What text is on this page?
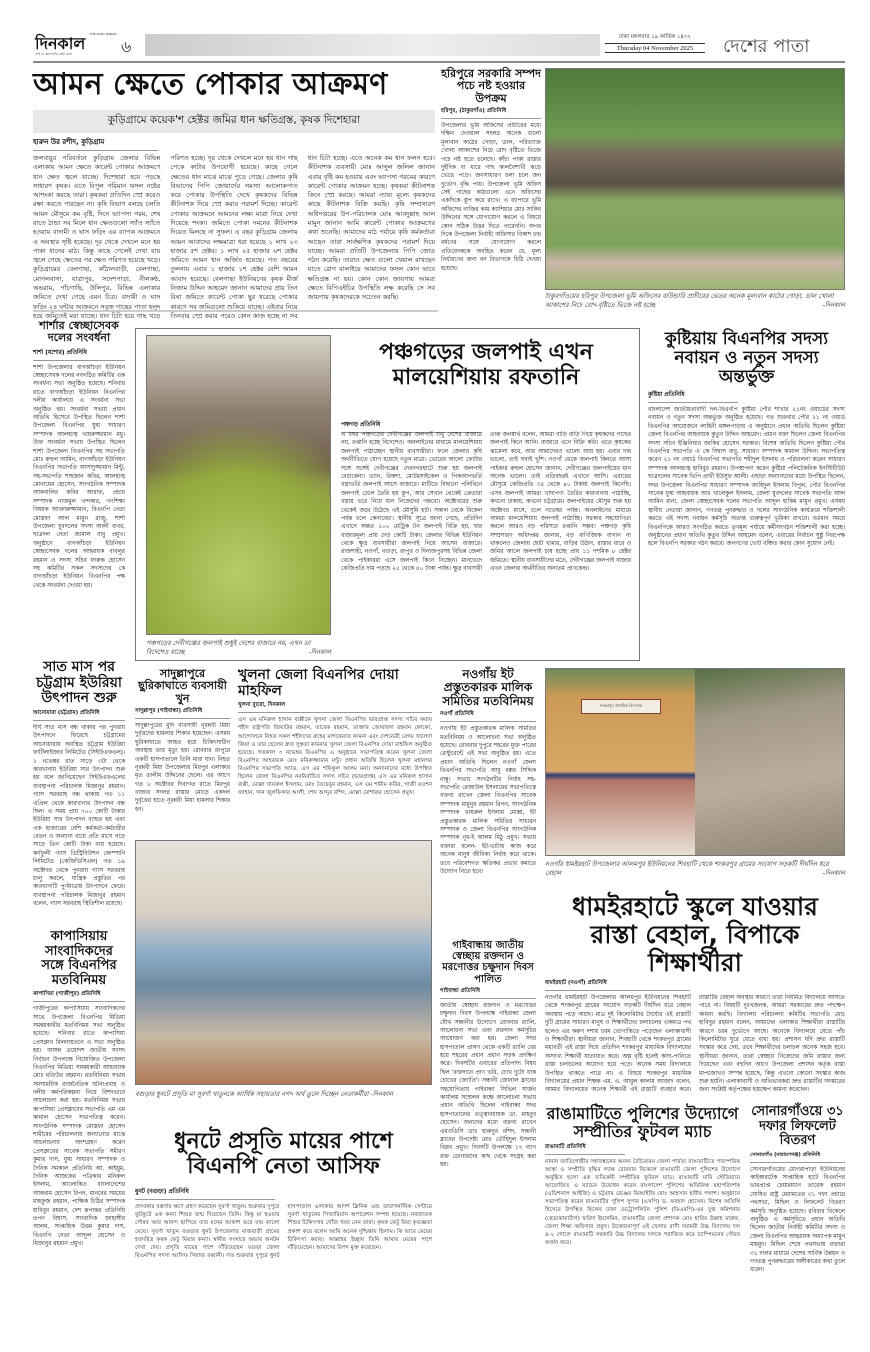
THE DAILY DINKAL
দিনকাল
দেশ ও জনগণের কথা বলে	৬	ঢাকা মঙ্গলবার ১৯ কার্তিক ১৪৩২
Thursday 04 November 2025	দেশের পাতা
আমন ক্ষেতে পোকার আক্রমণ
কুড়িগ্রামে কয়েক'শ হেক্টর জমির ধান ক্ষতিগ্রস্ত, কৃষক দিশেহারা
হারুন উর রশীদ, কুড়িগ্রাম
জলবায়ুর পরিবর্তনে কুড়িগ্রাম জেলার বিভিন্ন এলাকায় আমন ক্ষেতে কারেন্ট পোকার আক্রমণে ধান ক্ষেত জ্বলে যাচ্ছে। দিশেহারা হয়ে পড়ছে সাধারণ কৃষক। এতে বিপুল পরিমান ফসল নষ্টের আশংকা করছে তারা। কৃষকরা প্রতিদিন স্প্রে করেও রক্ষা করতে পারছেন না। কৃষি বিভাগ বলছে চলতি আমন মৌসুমে কম বৃষ্টি, দিনে ভ্যাপসা গরম, শেষ রাতে ঠান্ডা সব মিলে ধান ক্ষেতগুলো স্যাঁত স্যাঁতে হওয়ায় বাদামী ও ঘাস ফড়িং এর ব্যাপক আক্রমনে এ অবস্থার সৃষ্টি হয়েছে। দূর থেকে দেখলে মনে হয় পাকা ধানের মাঠ। কিন্তু কাছে গেলেই দেখা যায় জ্বলে গেছে ক্ষেতের পর ক্ষেত পরিণত হয়েছে খড়ে। কুড়িগ্রামের বেলগাছা, কাঁঠালবাড়ী, বেলগাছা, মোগলবাসা, যাত্রাপুর, সদেশপাড়া, নীলকন্ঠ, অভরাম, পাঁচগাছি, উলিপুর, বিভিন্ন এলাকার জমিতে দেখা গেছে এমন চিত্র। বাদামী ও ঘাস ফড়িং ২৪ ঘন্টার আক্রমনে সবুজ গাছের পাতা হলুদ হয়ে জমিতেই মরা যাচ্ছে। ধান চিটা হয়ে গাছ খড়ে পরিণত হচ্ছে। দূর থেকে দেখলে মনে হয় ধান গাছ পেকে কাটার উপযোগী হয়েছে। কাছে গেলে ক্ষেতের ধান মাঝে মাঝে পুড়ে গেছে। জেলার কৃষি বিভাগের পিপি জোয়ার্দের সমস্যা আলোকপাত করে পোকার উপস্থিতি দেখে কৃষকদের বিভিন্ন কীটনাশক দিয়ে স্প্রে করার পরামর্শ দিচ্ছে। কারেন্ট পোকার আক্রমনে আমনের লক্ষ্য মাত্রা নিয়ে দেখা দিয়েছে শংকা। জমিতে পোকা দমনের কীটনাশক দিয়েও মিলছে না সুফল। এ বছর কুড়িগ্রাম জেলায় আমন আবাদের লক্ষমাত্রা ধরা হয়েছে ১ লাখ ২৩ হাজার ৫শ হেক্টর। ১ লাখ ২৫ হাজার ৬শ হেক্টর জমিতে আমন ধান অর্জিত হয়েছে। গত বছরের তুলনায় এবার ১ হাজার ১শ হেক্টর বেশি আমন আবাদ হয়েছে। বেলগাছা ইউনিয়নের কৃষক মীর্জ নিজাম উদ্দিন আহমেদ জানান আমাদের প্রায় তিন বিঘা জমিতে কারেন্ট পোকা ছুর ধরেছে পোকার কারণে সব জমিগুলো শুকিয়ে যাচ্ছে। এইবার নিয়ে তিনবার স্প্রে করার পরেও কোন কাজ হচ্ছে না সব ধান চিটা হচ্ছে। এতে অনেক কম ধান ফলন হবে। কীটনাশক ব্যবসায়ী মোঃ আব্দুল জলিল জানান এবার বৃষ্টি কম হওয়ায় এবং ভ্যাপসা গরমের কারণে কারেন্ট পোকার আক্রমন হচ্ছে। কৃষকরা কীটনাশক কিনে স্প্রে করছে। আমরা ন্যায্য মূল্যে কৃষকদের কাছে কীটনাশক বিক্রি করছি। কৃষি সম্প্রসারণ অধিদপ্তরের উপ-পরিচালক মোঃ আবদুল্লাহ আল মামুন জানান আমি কারেন্ট পোকার আক্রমণের কথা শুনেছি। আমাদের মাঠ পর্যায়ে কৃষি কর্মকর্তারা আছেন তারা সার্বক্ষণিক কৃষকদের পরামর্শ দিয়ে যাচ্ছে। আমরা প্রতিটি উপজেলায় পিপি জোড গঠন করেছি। তারাও ক্ষেত গুলো খেয়াল রাখছেন যাতে রোগ বালাইয়ে আমাদের ফসল কোন ভাবে ক্ষতিগ্রস্ত না হয়। কোন কোন জায়গায় আমরা ক্ষেতে বিপিএইচির উপস্থিতি লক্ষ করেছি সে সব জায়গায় কৃষকদেরকে সচেতন করছি।
হরিপুরে সরকারি সম্পদ পচে নষ্ট হওয়ার উপক্রম
হরিপুর, (ঠাকুরগাঁও) প্রতিনিধি
উপজেলার ভূমি অফিসের প্রাচীরের মধ্যে দক্ষিন দেওয়াল সংলগ্ন অনেক গুলো মূল্যবান কাঠের গোড়া, ডাল, পরিত্যাক্ত খোলা আকাশের নিচে রোদ বৃষ্টিতে ভিজে পচে নষ্ট হতে চলেছে। কাঁচা পাকা রাস্তার দুইদিক বা ধারে গাছ কালবৈশাখী ঝড়ে ভেঙে পড়ে। জনসাধারণ চলা চলে জন দুর্ভোগ বৃদ্ধি পায়। উপজেলা ভূমি অফিস সেই গাছের কাঠগুলো এনে অফিসের একদিকে স্তূপ করে রাখে। এ ব্যাপারে ভূমি অফিসের নাজির কাম ক্যাশিয়ার মোঃ সাকিব উদ্দিনের সঙ্গে যোগাযোগ করলে এ বিষয়ে কোন সঠিক উত্তর দিতে পারেননি। অপর দিকে উপজেলা নির্বাহী অফিসার বিকাশ চন্দ্র বর্মণের সঙ্গে যোগাযোগ করলে প্রতিবেদককে অবহিত করেন যে, মূল্য নির্ধারণের জন্য বন বিভাগকে চিঠি দেওয়া হয়েছে।
ঠাকুরগাঁওয়ের হরিপুর উপজেলা ভূমি অফিসের বাউন্ডারি প্রাচীরের ভেতর অনেক মূল্যবান কাঠের গোড়া, ডাল খোলা আকাশের নিচে রোদ-বৃষ্টিতে ভিজে নষ্ট হচ্ছে	-দিনকাল
শার্শার স্বেচ্ছাসেবক দলের সংবর্ধনা
শার্শা (যশোর) প্রতিনিধি
শার্শা উপজেলার বাগআঁচড়া ইউনিয়ন স্বেচ্ছাসেবক দলের নবগঠিত কমিটির এক সংবর্ধনা সভা অনুষ্ঠিত হয়েছে। শনিবার রাতে বাগআঁচড়া ইউনিয়ন বিএনপির দলীয় কার্যালয়ে এ সংবর্ধনা সভা অনুষ্ঠিত হয়। সংবর্ধনা সভায় প্রধান অতিথি হিসেবে উপস্থিত ছিলেন শার্শা উপজেলা বিএনপির যুগ্ম সাধারণ সম্পাদক আলহাজ্ব খায়রুজ্জামান মধু। উক্ত সংবর্ধনা সভায় উপস্থিত ছিলেন শার্শা উপজেলা বিএনপির সহ সভাপতি মোঃ রুহুল আমিন, বাগআঁচড়া ইউনিয়ন বিএনপির সভাপতি আসাদুজ্জামান মিন্টু, সহ-সভাপতি শাহজান কবির, আলহাজ্ব মোনায়েম হোসেন, সাংগঠনিক সম্পাদক আকবালির কবির আরাফ, প্রচার সম্পাদক নাজমুল খন্দকার, গণশিক্ষা বিষয়ক আক্তারুজ্জামান, বিএনপি নেতা মোস্তফা আল মামুন রাজু, শার্শা উপজেলা যুবদলের সদস্য আলী বাবর, ছাত্রদল নেতা জামাল বাবু প্রমুখ। অনুষ্ঠানে বাগআঁচড়া ইউনিয়ন স্বেচ্ছাসেবক দলের আহ্বায়ক বাবলুর রহমান ও সদস্য সচিব ফারুক হোসেন সহ কমিটির সকল সদস্যদের কে বাগআঁচড়া ইউনিয়ন বিএনপির পক্ষ থেকে সংবর্ধনা দেওয়া হয়।
পঞ্চগড়ের দেবীগঞ্জের জলপাই শুধুই দেশের বাজারে নয়, এখন তা বিদেশেও যাচ্ছে	-দিনকাল
পঞ্চগড়ের জলপাই এখন মালয়েশিয়ায় রফতানি
পঞ্চগড় প্রতিনিধি
এ বছর পঞ্চগড়ের দেবীগঞ্জের জলপাই শুধু দেশের বাজারে নয়, রপ্তানি হচ্ছে বিদেশেও। অনলাইনের মাধ্যমে মালয়েশিয়ায় জলপাই পাঠাচ্ছেন স্থানীয় ব্যবসায়ীরা। ফলে জেলার কৃষি অর্থনীতিতে যোগ হয়েছে নতুন মাত্রা। ভোরের আলো ফোটার সঙ্গে সঙ্গেই দেবীগঞ্জের দেবনগরহাটে শুরু হয় জলপাই বেচাকেনা। ভ্যান, রিকশা, মোটরসাইকেল ও পিকআপভর্তি বস্তাভর্তি জলপাই আসে বাজারে। মাটিতে বিছানো পলিথিনে জলপাই ঢেলে তৈরি হয় স্তূপ, আর সেখান থেকেই ক্রেতারা বস্তায় ভরে নিয়ে যান নিজেদের গন্তব্যে। অক্টোবরের শুরু থেকেই জমে উঠেছে এই মৌসুমি হাট। সকাল থেকে বিকেল পর্যন্ত চলে কেনাবেচা। স্থানীয় সূত্রে জানা গেছে, প্রতিদিন এখানে অন্তত ১০০ মেট্রিক টন জলপাই বিক্রি হয়, যার বাজারমূল্য প্রায় দেড় কোটি টাকা। জেলার বিভিন্ন ইউনিয়ন থেকে ক্ষুদ্র ব্যবসায়ীরা জলপাই নিয়ে আসেন বাজারে। রাজশাহী, নওগাঁ, বগুড়া, রংপুর ও দিনাজপুরসহ বিভিন্ন জেলা থেকে পাইকাররা এসে জলপাই কিনে নিচ্ছেন। মানভেদে কেজিপ্রতি দাম পড়ছে ২৫ থেকে ৪০ টাকা পর্যন্ত। ক্ষুদ্র ব্যবসায়ী তারু জনস্বার্থ বলেন, আমরা বাড়ি বাড়ি গিয়ে কৃষকদের গাছের জলপাই কিনে আনি। বাজারে এনে বিক্রি করি। এতে কৃষকের ঝামেলা কমে, আর আমাদেরও ভালো আয় হয়। এবার দাম ভালো, তাই সবাই খুশি। নওগাঁ থেকে জলপাই কিনতে আসা পাইকার রুহুল হোসেন জানান, দেবীগঞ্জের জলপাইয়ের মান অনেক ভালো। তাই প্রতিবছরই এখানে আসি। এবারের মৌসুমে কেজিপ্রতি ৩৫ থেকে ৪০ টাকায় জলপাই কিনেছি। এসব জলপাই আমরা খাদ্যপণ্য তৈরির কারখানায় পাঠাচ্ছি, কখনো ঢাকায়, কখনো চট্টগ্রামে। জলপাইয়ের মৌসুম শুরু হয় অক্টোবর মাসে, চলে নভেম্বর পর্যন্ত। অনলাইনের মাধ্যমে আমরা মালয়েশিয়ায় জলপাই পাঠাচ্ছি। সরকার সহযোগিতা করলে আরও বড় পরিসরে রপ্তানি সম্ভব। পঞ্চগড় কৃষি সম্প্রসারণ অধিদপ্তর জানায়, বড় বাণিজ্যিক বাগান না থাকলেও জেলায় ছোট খামার, বাড়ির উঠান, রাস্তার ধারে ও জমির আলে জলপাই চাষ হচ্ছে প্রায় ১১ দশমিক ৮ হেক্টর জমিতে। স্থানীয় ব্যবসায়ীদের মতে, দেবীগঞ্জের জলপাই বাজার এখন জেলার অর্থনীতির অন্যতম প্রাণকেন্দ্র।
কুষ্টিয়ায় বিএনপির সদস্য নবায়ন ও নতুন সদস্য অন্তর্ভুক্ত
কুষ্টিয়া প্রতিনিধি
বাংলাদেশ জাতীয়তাবাদী দল-বিএনপি কুষ্টিয়া পৌর শাখার ২১নং ওয়ার্ডের সদস্য নবায়ন ও নতুন সদস্য অন্তর্ভুক্ত অনুষ্ঠিত হয়েছে। গত শুক্রবার পৌর ২১ নং ওয়ার্ড বিএনপির আয়োজনে লাহিনী মঙ্গলপাড়ায় এ অনুষ্ঠানে প্রধান অতিথি ছিলেন কুষ্টিয়া জেলা বিএনপির আহবায়ক কুতুব উদ্দিন আহমেদ। প্রধান বক্তা ছিলেন জেলা বিএনপির সদস্য সচিব ইঞ্জিনিয়ার জাকির হোসেন সরকার। বিশেষ অতিথি ছিলেন কুষ্টিয়া পৌর বিএনপির সভাপতি এ কে বিশ্বাস বাবু, সাধারণ সম্পাদক কামাল উদ্দিন। সভাপতিত্ব করেন ২১ নং ওয়ার্ড বিএনপির সভাপতি শহীদুল ইসলাম ও পরিচালনা করেন সাধারণ সম্পাদক আলহাজ্ব হাবিবুর রহমান। উপস্থাপনা করেন কুষ্টিয়া পলিটেকনিক ইনস্টিটিউট ছাত্রদলের সাবেক ভিপি প্রার্থী ইউসুফ আলী। এছাড়া অন্যান্যদের মধ্যে উপস্থিত ছিলেন, সদর উপজেলা বিএনপির সাধারণ সম্পাদক জাহিদুল ইসলাম বিপুল, পৌর বিএনপির সাবেক যুগ্ম আহবায়ক আঃ খালেকুল ইসলাম, জেলা যুবদলের সাবেক সভাপতি আল আমিন রানা, জেলা স্বেচ্ছাসেবক দলের সভাপতি আব্দুল হাকিম মামুন প্রমুখ। এসময় স্থানীয় নেতারা জানান, গণতন্ত্র পুনরুদ্ধার ও দলের সাংগঠনিক কার্যক্রমে শক্তিশালী করতে এই সদস্য নবায়ন কর্মসূচি অত্যন্ত গুরুত্বপূর্ণ ভূমিকা রাখবে। বর্তমান সময়ে বিএনপিকে আরও সংগঠিত করতে তৃণমূল পর্যায়ে কর্মীসংগঠন শক্তিশালী করা হচ্ছে। অনুষ্ঠানের প্রধান অতিথি কুতুব উদ্দিন আহমেদ বলেন, এবারের নির্বাচন সুষ্ঠু নিরপেক্ষ হলে বিএনপি সরকার গঠন করবে। জনগণের ভোট বঞ্চিত করার কোন সুযোগ নেই।
সাত মাস পর চট্টগ্রাম ইউরিয়া উৎপাদন শুরু
আনোয়ারা (চট্টগ্রাম) প্রতিনিধি
দীর্ঘ সাত মাস বন্ধ থাকার পর পুনরায় উৎপাদনে ফিরেছে চট্টগ্রামের আনোয়ারায় অবস্থিত চট্টগ্রাম ইউরিয়া ফার্টিলাইজার লিমিটেড (সিইউএফএল)। ১ নভেম্বর রাত সাড়ে ৩টা থেকে কারখানায় ইউরিয়া সার উৎপাদন শুরু হয় বলে জানিয়েছেন সিইউএফএলের ব্যবস্থাপনা পরিচালক মিজানুর রহমান। গ্যাস সরবরাহ বন্ধ থাকায় গত ১১ এপ্রিল থেকে কারখানার উৎপাদন বন্ধ ছিল। এ সময় প্রায় ৭০০ কোটি টাকার ইউরিয়া সার উৎপাদন ব্যাহত হয় এবং এক হাজারের বেশি কর্মকর্তা-কর্মচারীর বেতন ও অন্যান্য ব্যয়ে প্রতি মাসে গড়ে সাড়ে তিন কোটি টাকা ব্যয় হয়েছে। কর্ণফুলী গ্যাস ডিস্ট্রিবিউশন কোম্পানি লিমিটেড (কেজিডিসিএল) গত ১৯ অক্টোবর থেকে পুনরায় গ্যাস সরবরাহ চালু করলে, যান্ত্রিক প্রস্তুতির পর কারখানাটি পুর্ণমাত্রায় উৎপাদনে ফেরে। ব্যবস্থাপনা পরিচালক মিজানুর রহমান বলেন, গ্যাস সরবরাহ স্থিতিশীল রয়েছে।
কাপাসিয়ায় সাংবাদিকদের সঙ্গে বিএনপির মতবিনিময়
কাপাসিয়া (গাজীপুর) প্রতিনিধি
গাজীপুরের কাপাসিয়ায় সাংবাদিকদের সাথে উপজেলা বিএনপির মিডিয়া সমন্বয়কারীর মতবিনিময় সভা অনুষ্ঠিত হয়েছে। শনিবার রাতে কাপাসিয়া প্রেসক্লাব মিলনায়তনে এ সভা অনুষ্ঠিত হয়। আসন্ন ত্রয়োদশ জাতীয় সংসদ নির্বাচন উপলক্ষে নিয়োজিত উপজেলা বিএনপির মিডিয়া সমন্বয়কারী আহবায়ক মোঃ মতিউর রহমান। মতবিনিময় সভায় সমসাময়িক রাজনৈতিক ঘটনাপ্রবাহ ও দলীয় কর্মপরিকল্পনা নিয়ে বিশদভাবে আলোচনা করা হয়। মতবিনিময় সভায় কাপাসিয়া প্রেসক্লাবের সভাপতি এম এম কামাল হোসেন সভাপতিত্ব করেন। সাংগঠনিক সম্পাদক মোস্তফা হোসেন শামীমের পরিচালনায় অন্যান্যের মাঝে আলোচনায় অংশগ্রহণ করেন প্রেসক্লাবের সাবেক সভাপতি সমীরণ কুমার দাস, যুগ্ম সাধারণ সম্পাদক ও দৈনিক সমকাল প্রতিনিধি আ. কাইয়ুম, দৈনিক আজকের পত্রিকার মনিরুল ইসলাম, আলোকিত বাংলাদেশের আকরাম হোসেন রিপন, মানবের সময়ের মাহফুজ রহমান, পাক্ষিক চিঠির সম্পাদক হাবিবুর রহমান, দেশ রূপান্তর প্রতিনিধি তপন বিশ্বাস, সাংবাদিক জাহাঙ্গীর আলম, সাপ্তাহিক উত্তম কুমার দাস, বিএনপি নেতা আব্দুল হোসেন ও মিজানুর রহমান প্রমুখ।
সাদুল্লাপুরে ছুরিকাঘাতে ব্যবসায়ী খুন
সাদুল্লাপুর (গাইবান্ধা) প্রতিনিধি
সাদুল্লাপুরের মুদি ব্যবসায়ী নূরন্নবী মিয়া দুর্বৃত্তদের হামলার শিকার হয়েছেন। এসময় ছুরিকাঘাতে আহত হয়ে চিকিৎসাধীন অবস্থায় তার মৃত্যু হয়। রোববার রংপুরে একটি হাসপাতালে তিনি মারা যান। নিহত নূরন্নবী মিয়া উপজেলার মিরপুর এলাকার মৃত তালীম উদ্দিনের ছেলে। এর আগে গত ৮ অক্টোবর দিবাগত রাতে মিরপুর বাজার সংলগ্ন রাস্তার মোড়ে একদল দুর্বৃত্তের হাতে নূরন্নবী মিয়া হামলার শিকার হন।
খুলনা জেলা বিএনপির দোয়া মাহফিল
খুলনা ব্যুরো, দিনকাল
এস এম মনিরুল হাসান বাপ্পীকে খুলনা জেলা বিএনপির ভারপ্রাপ্ত সদস্য সচিব করায় শহীদ রাষ্ট্রপতি জিয়াউর রহমান, তারেক রহমান, ডাক্তার জোবায়দা রহমান কোকো, আন্দোলনে নিহত সকল শহীদদের রুহের মাগফেরাত কামনা এবং দেশনেত্রী বেগম খালেদা জিয়া ও তার ছেলের দ্রুত সুস্থতা কামনায় খুলনা জেলা বিএনপির দোয়া মাহফিল অনুষ্ঠিত হয়েছে। গতকাল ৩ নভেম্বর বিএনপির এ অনুষ্ঠানে সভাপতিত্ব করেন খুলনা জেলা বিএনপির আহবায়ক মোঃ মনিরুজ্জামান মন্টু। প্রধান অতিথি ছিলেন খুলনা মহানগর বিএনপির সভাপতি অ্যাড. এস এম শফিকুল আলম মনা। অন্যান্যদের মধ্যে উপস্থিত ছিলেন জেলা বিএনপির নবনির্বাচিত সদস্য সচিব (ভারপ্রাপ্ত) এস এম মনিরুল হাসান বাপ্পী, মোল্লা খায়রুল ইসলাম, মোঃ তৈয়েবুর রহমান, এস এম শামীম কবির, গাজী রওশন জাহান, খান জুলফিকার আলী, শেখ আব্দুর রশিদ, মোল্লা মোশারফ হোসেন প্রমুখ।
বগুড়ার ধুনটে প্রসূতি মা সুবর্ণা খাতুনকে আর্থিক সহায়তার নগদ অর্থ তুলে দিচ্ছেন নেতাকর্মীরা -দিনকাল
ধুনটে প্রসূতি মায়ের পাশে বিএনপি নেতা আসিফ
ধুনট (বগুড়া) প্রতিনিধি
প্রসবকার যন্ত্রণার ক্ষণে গ্রহণ করেছেন সুবর্ণা খাতুন। শুক্রবার দুপুরে ফুটফুটে এক কন্যা শিশুর জন্ম দিয়েছেন তিনি। কিন্তু মা হওয়ার গৌরব আর আনন্দ ছাপিয়ে তার মনের আকাশ ভরে যায় কালো মেঘে। সুবর্ণা খাতুন বগুড়ার ধুনট উপজেলার মাজবাড়ী গ্রামের হতদরিদ্র কৃষক ফেটু মিয়ার কন্যা। স্বামীর সংসারে অভাব অনটন দেখা দেয়। প্রসূতি মায়ের পাশে দাঁড়িয়েছেন বগুড়া জেলা বিএনপির সদস্য আসিফ সিরাজ রব্বানী। গত শুক্রবার দুপুরে ধুনট হাসপাতাল এলাকার আদর্শ ক্লিনিক এন্ড ডায়াগনস্টিক সেন্টারে সুবর্ণা খাতুনের সিজারিয়ান অপারেশন সম্পন্ন হয়েছে। নবজাতক শিশুর চিকিৎসার খোঁজ খবর নেন তারা। কৃষক ফেটু মিয়া কৃতজ্ঞতা প্রকাশ করে বলেন আমি অনেক দুশ্চিন্তায় ছিলাম। কি ভাবে মেয়ের চিকিৎসা করাব। আল্লাহর ইচ্ছায় তিনি আমার মেয়ের পাশে দাঁড়িয়েছেন। আমাদের বিপদ মুক্ত করেছেন।
নওগাঁয় ইট প্রস্তুতকারক মালিক সমিতির মতবিনিময়
নওগাঁ প্রতিনিধি
নওগাঁয় ইট প্রস্তুতকারক মালিক সমিতির মতবিনিময় ও আলোচনা সভা অনুষ্ঠিত হয়েছে। রোববার দুপুরে শহরের মুক্ত পারের রেস্টুরেন্টে এই সভা অনুষ্ঠিত হয়। এতে প্রধান অতিথি ছিলেন নওগাঁ জেলা বিএনপির সভাপতি আবু বক্কর সিদ্দিক নান্নু। সভায় সংগঠনটির নির্বাহ সহ-সভাপতি রেজাউল ইসলামের সভাপতিত্বে বক্তব্য রাখেন জেলা বিএনপির সাবেক সম্পাদক মামুনুর রহমান রিপন, সাংগঠনিক সম্পাদক খায়রুল ইসলাম মোল্লা, ইট প্রস্তুতকারক মালিক সমিতির সাধারন সম্পাদক ও জেলা বিএনপির সাংগঠনিক সম্পাদক নূর-ই আলম মিঠু প্রমুখ। সভায় বক্তারা বলেন- ইট-ভাটায় কাজ করে অনেক মানুষ জীবিকা নির্বাহ করে থাকে। তবে পরিবেশগত ক্ষতিকর প্রভাব কমাতে উদ্যোগ নিতে হবে।
গাইবান্ধায় জাতীয় স্বেচ্ছায় রক্তদান ও মরণোত্তর চক্ষুদান দিবস পালিত
গাইবান্ধা প্রতিনিধি
জাতীয় স্বেচ্ছায় রক্তদান ও মরণোত্তর চক্ষুদান দিবস উপলক্ষে গাইবান্ধা জেলা যৌথ সন্ধানীর উদ্যোগে রোববার র‍্যালি, আলোচনা সভা এবং রক্তদান কর্মসূচির আয়োজন করা হয়। জেলা সদর হাসপাতাল প্রাঙ্গণ থেকে একটি র‍্যালি বের হয়ে শহরের প্রধান প্রধান সড়ক প্রদক্ষিণ করে। দিবসটির এবারের প্রতিপাদ্য বিষয় ছিল 'রক্তদানে প্রাণ ভরি, চোখ দুটো যাক চোখের জ্যোতি'। সন্ধানী জোনাল ক্লাবের সহযোগিতায় গাইবান্ধা সিভিল সার্জন কার্যালয় সম্মেলন কক্ষে আলোচনা সভায় প্রধান অতিথি ছিলেন গাইবান্ধা সদর হাসপাতালের তত্ত্বাবধায়ক ডা. মাহবুব হোসেন। অন্যদের মধ্যে বক্তব্য রাখেন এমওডিসি ডাঃ হারুনুর রশিদ, সন্ধানী ক্লাবের উপদেষ্টা মোঃ তৌহিদুল ইসলাম বিপ্লব প্রমুখ। দিবসটি উপলক্ষে ১৭ ব্যাগ রক্ত ডোনারদের কাছ থেকে সংগ্রহ করা হয়।
শংকরপুর প্রাথমিক বিদ্যালয়
নওগাঁর ধামইরহাট উপজেলার আলমপুর ইউনিয়নের শিবহাটি থেকে শংকরপুর গ্রামের সংযোগ সড়কটি দীর্ঘদিন ধরে বেহাল	-দিনকাল
ধামইরহাটে স্কুলে যাওয়ার রাস্তা বেহাল, বিপাকে শিক্ষার্থীরা
ধামইরহাট (নওগাঁ) প্রতিনিধি
নওগাঁর ধামইরহাট উপজেলার আলমপুর ইউনিয়নের শিবহাটি থেকে শংকরপুর গ্রামের সংযোগ সড়কটি দীর্ঘদিন ধরে বেহাল অবস্থায় পড়ে আছে। মাত্র দুই কিলোমিটার দৈর্ঘ্যের এই রাস্তাটি দুটি গ্রামের সাধারণ মানুষ ও শিক্ষার্থীদের চলাচলের একমাত্র পথ হলেও এর করুণ দশায় চরম ভোগান্তিতে পড়েছেন এলাকাবাসী ও শিক্ষার্থীরা। স্থানীয়রা জানান, শিবহাটি থেকে শংকরপুর গ্রামের মধ্যবর্তী এই রাস্তা দিয়ে প্রতিদিন শংকরপুর মাধ্যমিক বিদ্যালয়ের অসংখ্য শিক্ষার্থী যাতায়াত করে। অল্প বৃষ্টি হলেই কাদা-পানিতে রাস্তা চলাচলের অযোগ্য হয়ে পড়ে। অনেক সময় বিদ্যালয়ে উপস্থিত থাকতে পারে না। এ বিষয়ে শংকরপুর মাধ্যমিক বিদ্যালয়ের প্রধান শিক্ষক এম. এ. আবুল কালাম আজাদ বলেন, আমার বিদ্যালয়ের অনেক শিক্ষার্থী এই রাস্তাটি ব্যবহার করে। রাস্তাটির বেহাল অবস্থার কারণে তারা নিয়মিত বিদ্যালয়ে আসতে পারে না। বিষয়টি দুঃখজনক, আমরা সরকারের দ্রুত পদক্ষেপ কামনা করছি। বিদ্যালয় পরিচালনা কমিটির সভাপতি মোঃ হাবিবুর রহমান বলেন, আমাদের এলাকার শিক্ষার্থীরা রাস্তাটির কারণে চরম দুর্ভোগে আছে। অনেকে বিদ্যালয়ে যেতে পাঁচ কিলোমিটার ঘুরে যেতে বাধ্য হয়। প্রশাসন যদি দ্রুত রাস্তাটি সংস্কার করে দেয়, তবে শিক্ষার্থীদের চলাচল অনেক সহজ হবে। স্থানীয়রা জানান, তারা স্বেচ্ছায় নিজেদের জমি রাস্তার জন্য দিয়েছেন এবং বহুদিন আগে উপজেলা প্রশাসন কর্তৃক রাস্তা মাপজোখও সম্পন্ন হয়েছে, কিন্তু এখনো কোনো সংস্কার কাজ শুরু হয়নি। এলাকাবাসী ও অভিভাবকরা দ্রুত রাস্তাটির সংস্কারের জন্য সংশ্লিষ্ট কর্তৃপক্ষের হস্তক্ষেপ কামনা করেছেন।
রাঙামাটিতে পুলিশের উদ্যোগে সম্প্রীতির ফুটবল ম্যাচ
রাঙামাটি প্রতিনিধি
নানান জাতিগোষ্ঠীর সহাবস্থানের অনন্য বৈচিত্র্যময় জেলা পার্বত্য রাঙামাটিতে পারস্পরিক আস্থা ও সম্প্রীতি বৃদ্ধির লক্ষে রোববার বিকেলে রাঙামাটি জেলা পুলিশের উদ্যোগে অনুষ্ঠিত হলো এক ব্যতিক্রমী সম্প্রীতির ফুটবল ম্যাচ। রাঙামাটি মারি স্টেডিয়ামে আয়োজিত এ ম্যাচের উদ্বোধন করেন বাংলাদেশ পুলিশের অতিরিক্ত মহাপরিদর্শক (এডিশনাল আইজি) ও চট্টগ্রাম রেঞ্জের ডিআইজি মোঃ আহসান হাবীব পলাশ। অনুষ্ঠানে সভাপতিত্ব করেন রাঙামাটির পুলিশ সুপার (এসপি) ড. ফরহাদ হোসেন। বিশেষ অতিথি হিসেবে উপস্থিত ছিলেন ঢাকা মেট্রোপলিটন পুলিশ (ডিএমপি)-এর যুগ্ম কমিশনার (হেডকোয়ার্টার্স) ফরিদা ইয়াসমিন, রাঙামাটির জেলা প্রশাসক মোঃ হাবিব উল্লাহ মারুফ, জেলা শিক্ষা অফিসার প্রমুখ। উত্তেজনাপূর্ণ এই খেলায় রাণী দয়াময়ী উচ্চ বিদ্যালয় দল ৪-২ গোলে রাঙামাটি সরকারি উচ্চ বিদ্যালয় দলকে পরাজিত করে চ্যাম্পিয়নের গৌরব অর্জন করে।
সোনারগাঁওয়ে ৩১ দফার লিফলেট বিতরণ
সোনারগাঁও (নারায়ণগঞ্জ) প্রতিনিধি
সোনারগাঁওয়ের মোগরাপাড়া ইউনিয়নের কাইকারটেক সাপ্তাহিক হাটে বিএনপির ভারপ্রাপ্ত চেয়ারম্যান তারেক রহমান ঘোষিত রাষ্ট্র মেরামতের ৩১ দফা প্রচারে পথসভা, মিছিল ও লিফলেট বিতরণ কর্মসূচি অনুষ্ঠিত হয়েছে। রবিবার বিকেলে অনুষ্ঠিত এ কর্মসূচিতে প্রধান অতিথি ছিলেন জাতীয় নির্বাহী কমিটির সদস্য ও জেলা বিএনপির আহ্বায়ক অধ্যাপক মামুন মাহমুদ। মিছিল শেষে পথসভায় বক্তারা ৩১ দফার মাধ্যমে দেশের সার্বিক উন্নয়ন ও গণতন্ত্র পুনরুদ্ধারের অঙ্গীকারের কথা তুলে ধরেন।
